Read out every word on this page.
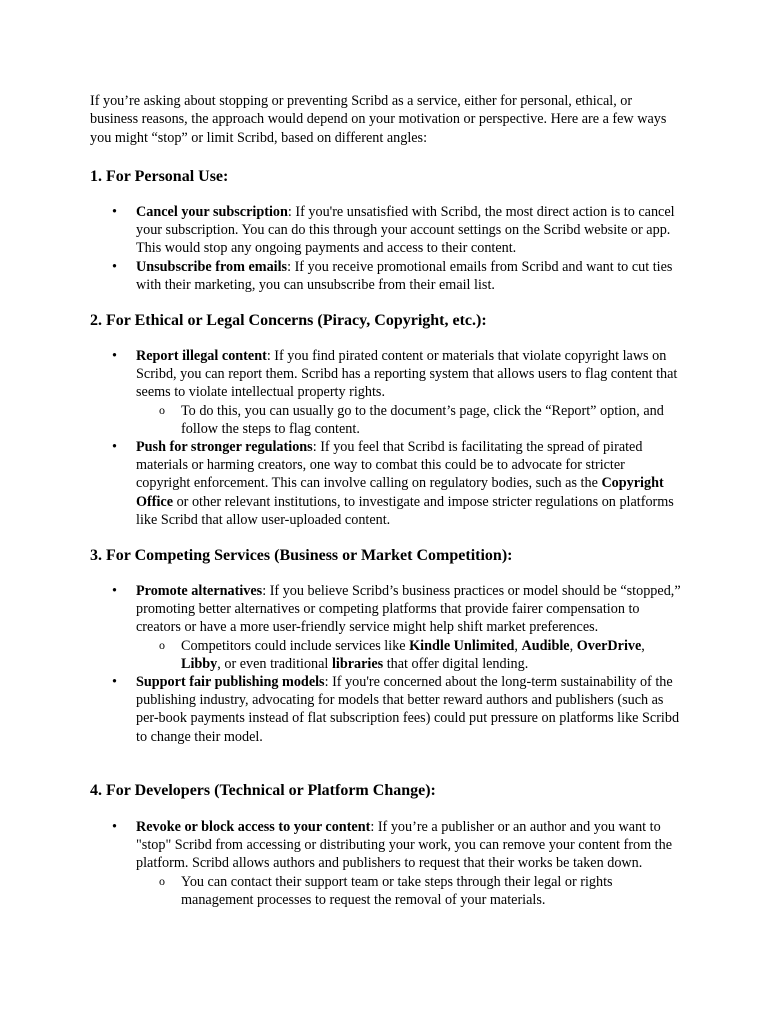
If you’re asking about stopping or preventing Scribd as a service, either for personal, ethical, or business reasons, the approach would depend on your motivation or perspective. Here are a few ways you might “stop” or limit Scribd, based on different angles:

1. For Personal Use:
• Cancel your subscription: If you're unsatisfied with Scribd, the most direct action is to cancel your subscription. You can do this through your account settings on the Scribd website or app. This would stop any ongoing payments and access to their content.
• Unsubscribe from emails: If you receive promotional emails from Scribd and want to cut ties with their marketing, you can unsubscribe from their email list.
2. For Ethical or Legal Concerns (Piracy, Copyright, etc.):
• Report illegal content: If you find pirated content or materials that violate copyright laws on Scribd, you can report them. Scribd has a reporting system that allows users to flag content that seems to violate intellectual property rights.
o To do this, you can usually go to the document’s page, click the “Report” option, and follow the steps to flag content.
• Push for stronger regulations: If you feel that Scribd is facilitating the spread of pirated materials or harming creators, one way to combat this could be to advocate for stricter copyright enforcement. This can involve calling on regulatory bodies, such as the Copyright Office or other relevant institutions, to investigate and impose stricter regulations on platforms like Scribd that allow user-uploaded content.
3. For Competing Services (Business or Market Competition):
• Promote alternatives: If you believe Scribd’s business practices or model should be “stopped,” promoting better alternatives or competing platforms that provide fairer compensation to creators or have a more user-friendly service might help shift market preferences.
o Competitors could include services like Kindle Unlimited, Audible, OverDrive, Libby, or even traditional libraries that offer digital lending.
• Support fair publishing models: If you're concerned about the long-term sustainability of the publishing industry, advocating for models that better reward authors and publishers (such as per-book payments instead of flat subscription fees) could put pressure on platforms like Scribd to change their model.
4. For Developers (Technical or Platform Change):
• Revoke or block access to your content: If you’re a publisher or an author and you want to "stop" Scribd from accessing or distributing your work, you can remove your content from the platform. Scribd allows authors and publishers to request that their works be taken down.
o You can contact their support team or take steps through their legal or rights management processes to request the removal of your materials.
